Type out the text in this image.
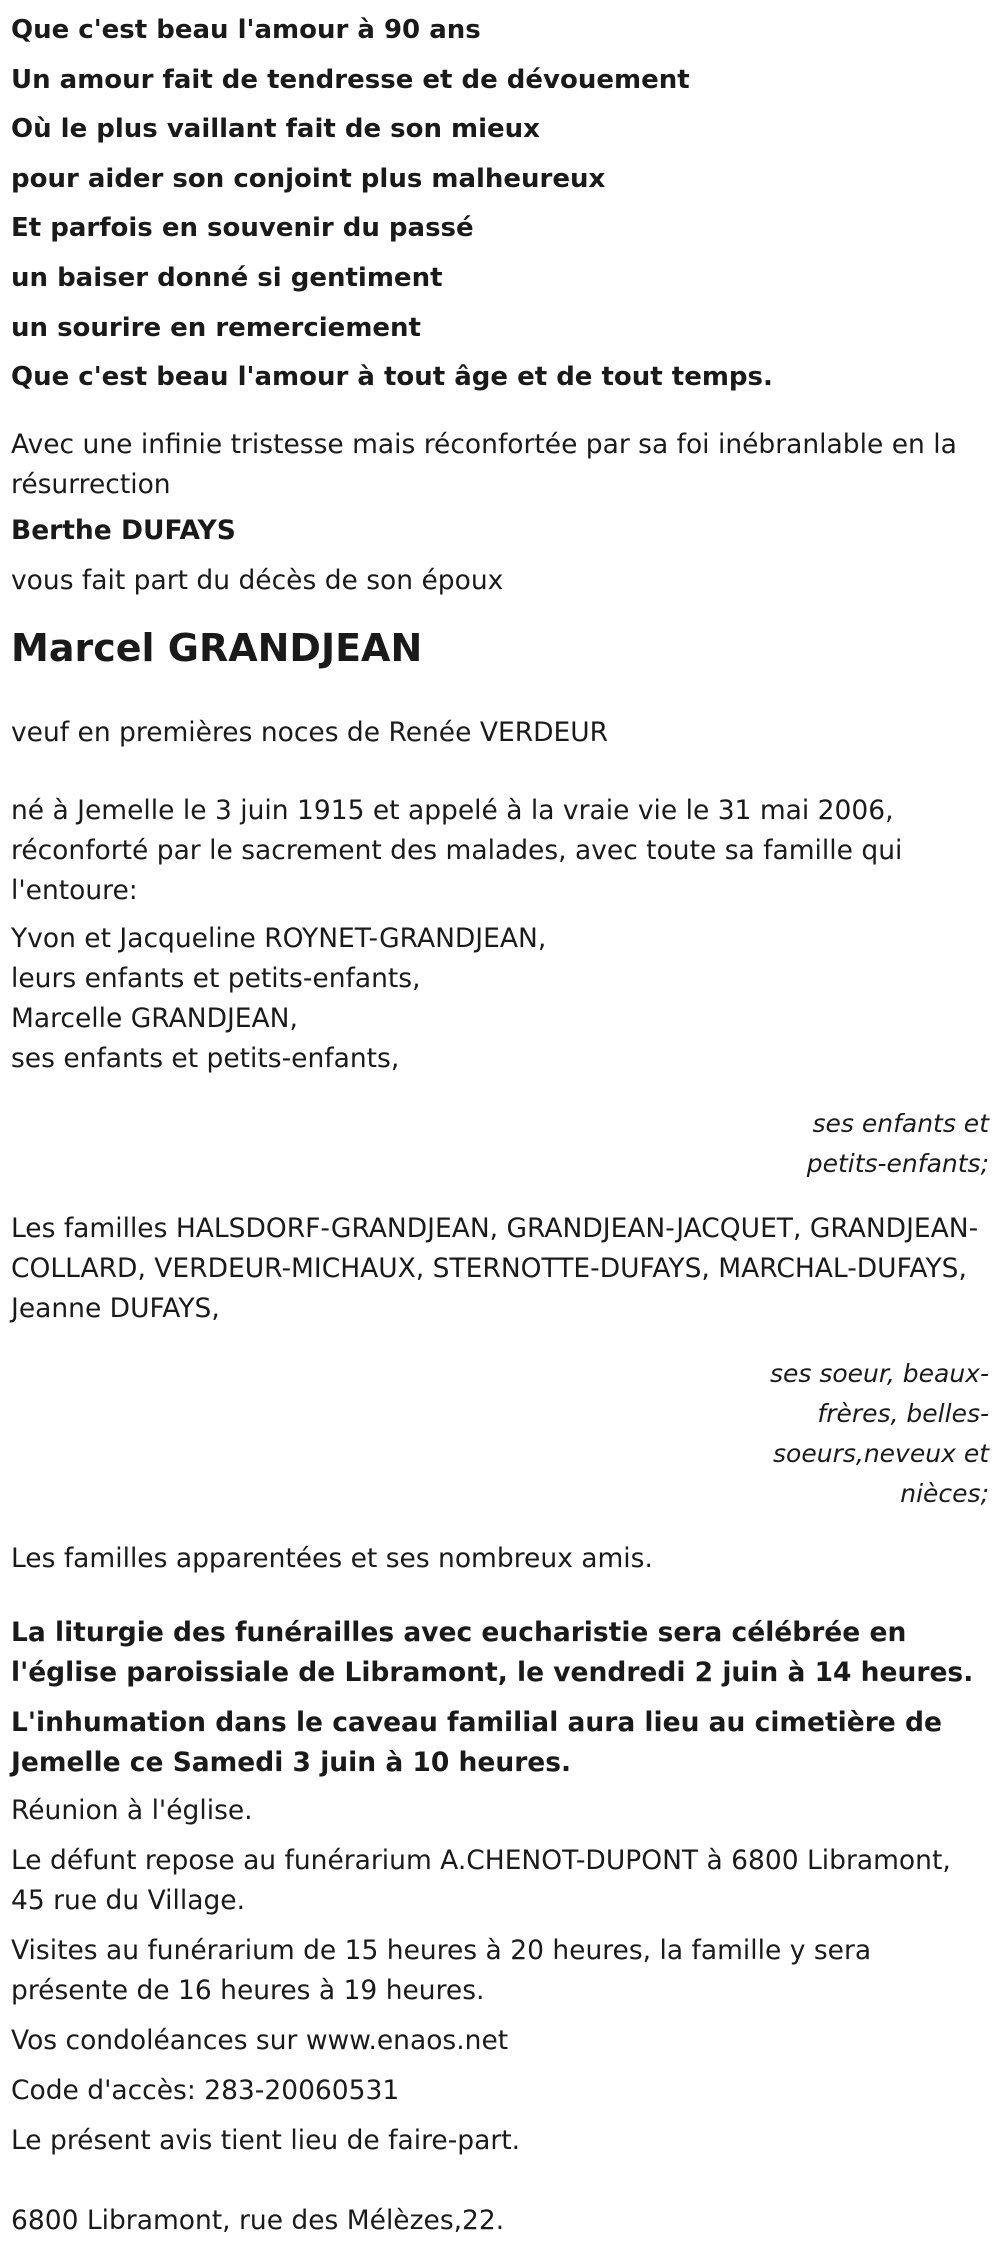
Que c'est beau l'amour à 90 ans

Un amour fait de tendresse et de dévouement

Où le plus vaillant fait de son mieux

pour aider son conjoint plus malheureux

Et parfois en souvenir du passé

un baiser donné si gentiment

un sourire en remerciement

Que c'est beau l'amour à tout âge et de tout temps.

Avec une infinie tristesse mais réconfortée par sa foi inébranlable en la résurrection

Berthe DUFAYS

vous fait part du décès de son époux

Marcel GRANDJEAN

veuf en premières noces de Renée VERDEUR

né à Jemelle le 3 juin 1915 et appelé à la vraie vie le 31 mai 2006, réconforté par le sacrement des malades, avec toute sa famille qui l'entoure:

Yvon et Jacqueline ROYNET-GRANDJEAN,

leurs enfants et petits-enfants,

Marcelle GRANDJEAN,

ses enfants et petits-enfants,

ses enfants et petits-enfants;

Les familles HALSDORF-GRANDJEAN, GRANDJEAN-JACQUET, GRANDJEAN-COLLARD, VERDEUR-MICHAUX, STERNOTTE-DUFAYS, MARCHAL-DUFAYS, Jeanne DUFAYS,

ses soeur, beaux-frères, belles-soeurs,neveux et nièces;

Les familles apparentées et ses nombreux amis.

La liturgie des funérailles avec eucharistie sera célébrée en l'église paroissiale de Libramont, le vendredi 2 juin à 14 heures.

L'inhumation dans le caveau familial aura lieu au cimetière de Jemelle ce Samedi 3 juin à 10 heures.

Réunion à l'église.

Le défunt repose au funérarium A.CHENOT-DUPONT à 6800 Libramont, 45 rue du Village.

Visites au funérarium de 15 heures à 20 heures, la famille y sera présente de 16 heures à 19 heures.

Vos condoléances sur www.enaos.net

Code d'accès: 283-20060531

Le présent avis tient lieu de faire-part.

6800 Libramont, rue des Mélèzes,22.
